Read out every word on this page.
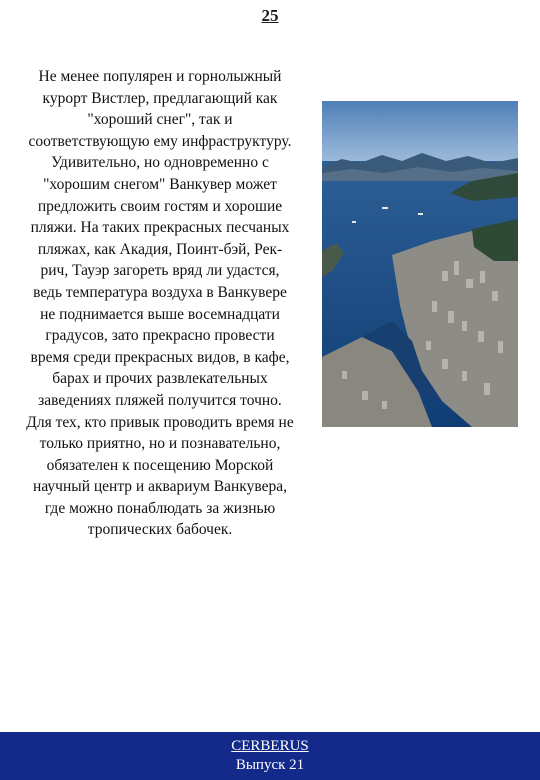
25

Не менее популярен и горнолыжный курорт Вистлер, предлагающий как "хороший снег", так и соответствующую ему инфраструктуру. Удивительно, но одновременно с "хорошим снегом" Ванкувер может предложить своим гостям и хорошие пляжи. На таких прекрасных песчаных пляжах, как Акадия, Поинт-бэй, Рек-рич, Тауэр загореть вряд ли удастся, ведь температура воздуха в Ванкувере не поднимается выше восемнадцати градусов, зато прекрасно провести время среди прекрасных видов, в кафе, барах и прочих развлекательных заведениях пляжей получится точно.

Для тех, кто привык проводить время не только приятно, но и познавательно, обязателен к посещению Морской научный центр и аквариум Ванкувера, где можно понаблюдать за жизнью тропических бабочек.

CERBERUS
Выпуск 21
